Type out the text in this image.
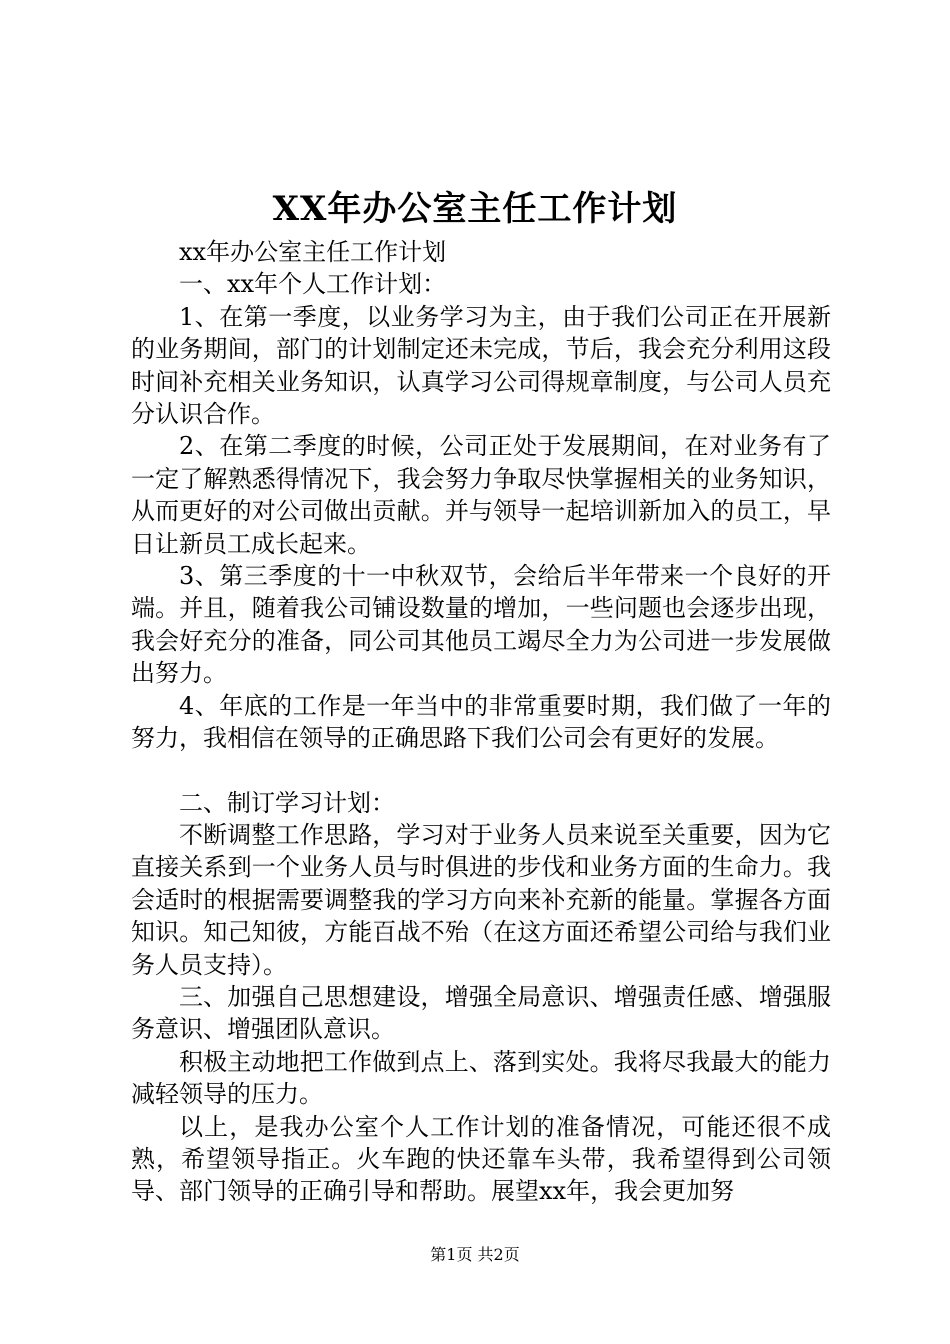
XX年办公室主任工作计划

xx年办公室主任工作计划

一、xx年个人工作计划：

1、在第一季度，以业务学习为主，由于我们公司正在开展新的业务期间，部门的计划制定还未完成，节后，我会充分利用这段时间补充相关业务知识，认真学习公司得规章制度，与公司人员充分认识合作。

2、在第二季度的时候，公司正处于发展期间，在对业务有了一定了解熟悉得情况下，我会努力争取尽快掌握相关的业务知识，从而更好的对公司做出贡献。并与领导一起培训新加入的员工，早日让新员工成长起来。

3、第三季度的十一中秋双节，会给后半年带来一个良好的开端。并且，随着我公司铺设数量的增加，一些问题也会逐步出现，我会好充分的准备，同公司其他员工竭尽全力为公司进一步发展做出努力。

4、年底的工作是一年当中的非常重要时期，我们做了一年的努力，我相信在领导的正确思路下我们公司会有更好的发展。

二、制订学习计划：

不断调整工作思路，学习对于业务人员来说至关重要，因为它直接关系到一个业务人员与时俱进的步伐和业务方面的生命力。我会适时的根据需要调整我的学习方向来补充新的能量。掌握各方面知识。知己知彼，方能百战不殆（在这方面还希望公司给与我们业务人员支持）。

三、加强自己思想建设，增强全局意识、增强责任感、增强服务意识、增强团队意识。

积极主动地把工作做到点上、落到实处。我将尽我最大的能力减轻领导的压力。

以上，是我办公室个人工作计划的准备情况，可能还很不成熟，希望领导指正。火车跑的快还靠车头带，我希望得到公司领导、部门领导的正确引导和帮助。展望xx年，我会更加努

第1页 共2页
